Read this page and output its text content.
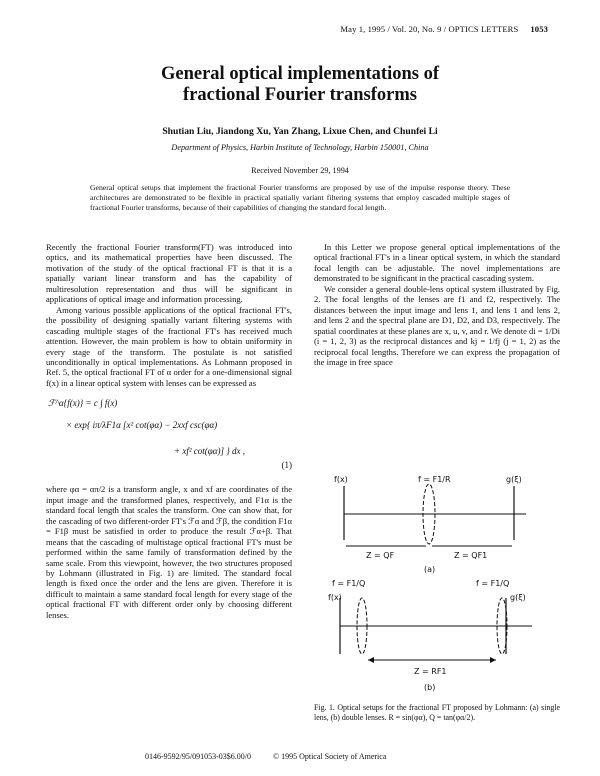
May 1, 1995 / Vol. 20, No. 9 / OPTICS LETTERS 1053
General optical implementations of
fractional Fourier transforms
Shutian Liu, Jiandong Xu, Yan Zhang, Lixue Chen, and Chunfei Li
Department of Physics, Harbin Institute of Technology, Harbin 150001, China
Received November 29, 1994
General optical setups that implement the fractional Fourier transforms are proposed by use of the impulse response theory. These architectures are demonstrated to be flexible in practical spatially variant filtering systems that employ cascaded multiple stages of fractional Fourier transforms, because of their capabilities of changing the standard focal length.

Recently the fractional Fourier transform(FT) was introduced into optics, and its mathematical properties have been discussed. The motivation of the study of the optical fractional FT is that it is a spatially variant linear transform and has the capability of multiresolution representation and thus will be significant in applications of optical image and information processing.

Among various possible applications of the optical fractional FT's, the possibility of designing spatially variant filtering systems with cascading multiple stages of the fractional FT's has received much attention. However, the main problem is how to obtain uniformity in every stage of the transform. The postulate is not satisfied unconditionally in optical implementations. As Lohmann proposed in Ref. 5, the optical fractional FT of α order for a one-dimensional signal f(x) in a linear optical system with lenses can be expressed as

ℱ^α{f(x)} = c ∫ f(x)
× exp{ iπ/λF1α [x² cot(φα) − 2xxf csc(φα)
+ xf² cot(φα)] } dx ,
(1)

where φα = απ/2 is a transform angle, x and xf are coordinates of the input image and the transformed planes, respectively, and F1α is the standard focal length that scales the transform. One can show that, for the cascading of two different-order FT's ℱα and ℱβ, the condition F1α = F1β must be satisfied in order to produce the result ℱα+β. That means that the cascading of multistage optical fractional FT's must be performed within the same family of transformation defined by the same scale. From this viewpoint, however, the two structures proposed by Lohmann (illustrated in Fig. 1) are limited. The standard focal length is fixed once the order and the lens are given. Therefore it is difficult to maintain a same standard focal length for every stage of the optical fractional FT with different order only by choosing different lenses.

In this Letter we propose general optical implementations of the optical fractional FT's in a linear optical system, in which the standard focal length can be adjustable. The novel implementations are demonstrated to be significant in the practical cascading system.

We consider a general double-lens optical system illustrated by Fig. 2. The focal lengths of the lenses are f1 and f2, respectively. The distances between the input image and lens 1, and lens 1 and lens 2, and lens 2 and the spectral plane are D1, D2, and D3, respectively. The spatial coordinates at these planes are x, u, v, and r. We denote di = 1/Di (i = 1, 2, 3) as the reciprocal distances and kj = 1/fj (j = 1, 2) as the reciprocal focal lengths. Therefore we can express the propagation of the image in free space

f(x)	f = F1/R	g(ξ)
Z = QF	Z = QF1
(a)
f = F1/Q	f = F1/Q
f(x)	g(ξ)
Z = RF1
(b)
Fig. 1. Optical setups for the fractional FT proposed by Lohmann: (a) single lens, (b) double lenses. R = sin(φα), Q = tan(φα/2).
0146-9592/95/091053-03$6.00/0	© 1995 Optical Society of America
